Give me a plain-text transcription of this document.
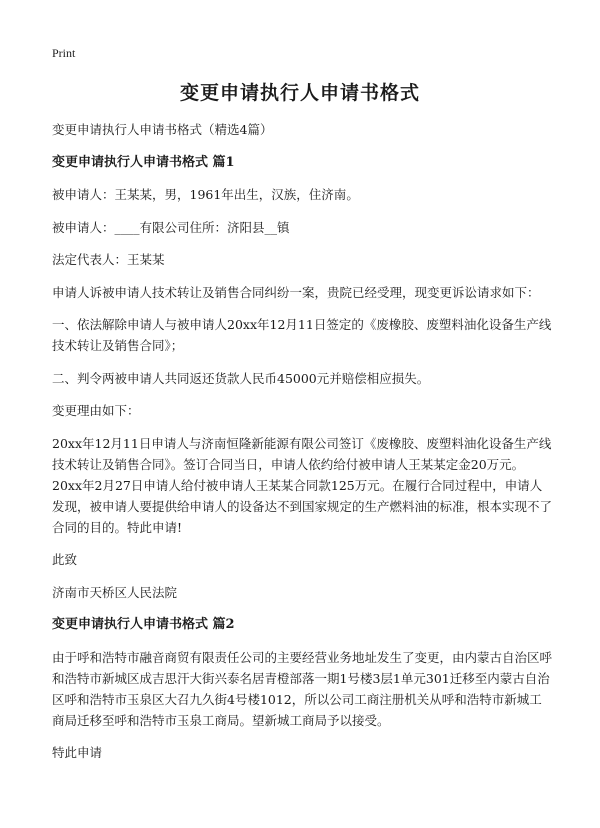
Print
变更申请执行人申请书格式

变更申请执行人申请书格式（精选4篇）

变更申请执行人申请书格式 篇1

被申请人：王某某，男，1961年出生，汉族，住济南。

被申请人：____有限公司住所：济阳县__镇

法定代表人：王某某

申请人诉被申请人技术转让及销售合同纠纷一案，贵院已经受理，现变更诉讼请求如下：

一、依法解除申请人与被申请人20xx年12月11日签定的《废橡胶、废塑料油化设备生产线技术转让及销售合同》；

二、判令两被申请人共同返还货款人民币45000元并赔偿相应损失。

变更理由如下：

20xx年12月11日申请人与济南恒隆新能源有限公司签订《废橡胶、废塑料油化设备生产线技术转让及销售合同》。签订合同当日，申请人依约给付被申请人王某某定金20万元。20xx年2月27日申请人给付被申请人王某某合同款125万元。在履行合同过程中，申请人发现，被申请人要提供给申请人的设备达不到国家规定的生产燃料油的标准，根本实现不了合同的目的。特此申请!

此致

济南市天桥区人民法院

变更申请执行人申请书格式 篇2

由于呼和浩特市融音商贸有限责任公司的主要经营业务地址发生了变更，由内蒙古自治区呼和浩特市新城区成吉思汗大街兴泰名居青橙部落一期1号楼3层1单元301迁移至内蒙古自治区呼和浩特市玉泉区大召九久街4号楼1012，所以公司工商注册机关从呼和浩特市新城工商局迁移至呼和浩特市玉泉工商局。望新城工商局予以接受。

特此申请
